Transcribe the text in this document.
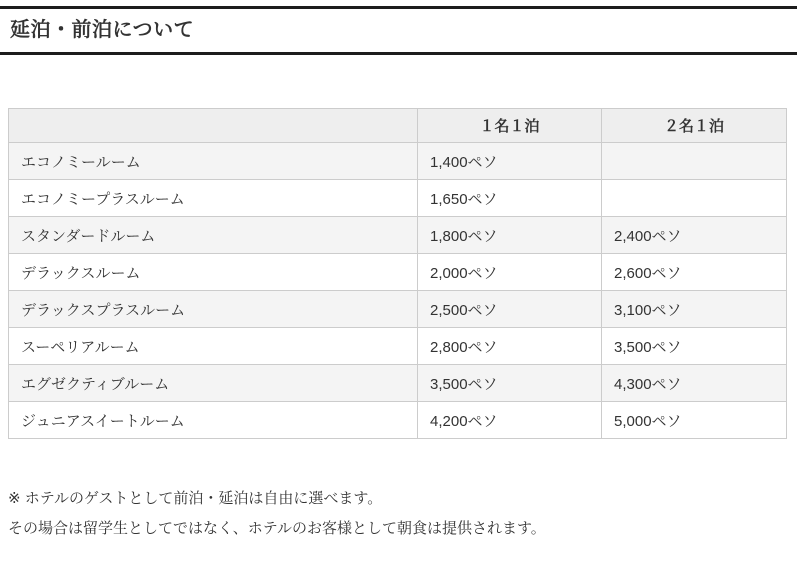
延泊・前泊について
	１名１泊	２名１泊
エコノミールーム	1,400ペソ	
エコノミープラスルーム	1,650ペソ	
スタンダードルーム	1,800ペソ	2,400ペソ
デラックスルーム	2,000ペソ	2,600ペソ
デラックスプラスルーム	2,500ペソ	3,100ペソ
スーペリアルーム	2,800ペソ	3,500ペソ
エグゼクティブルーム	3,500ペソ	4,300ペソ
ジュニアスイートルーム	4,200ペソ	5,000ペソ

※ ホテルのゲストとして前泊・延泊は自由に選べます。

その場合は留学生としてではなく、ホテルのお客様として朝食は提供されます。
